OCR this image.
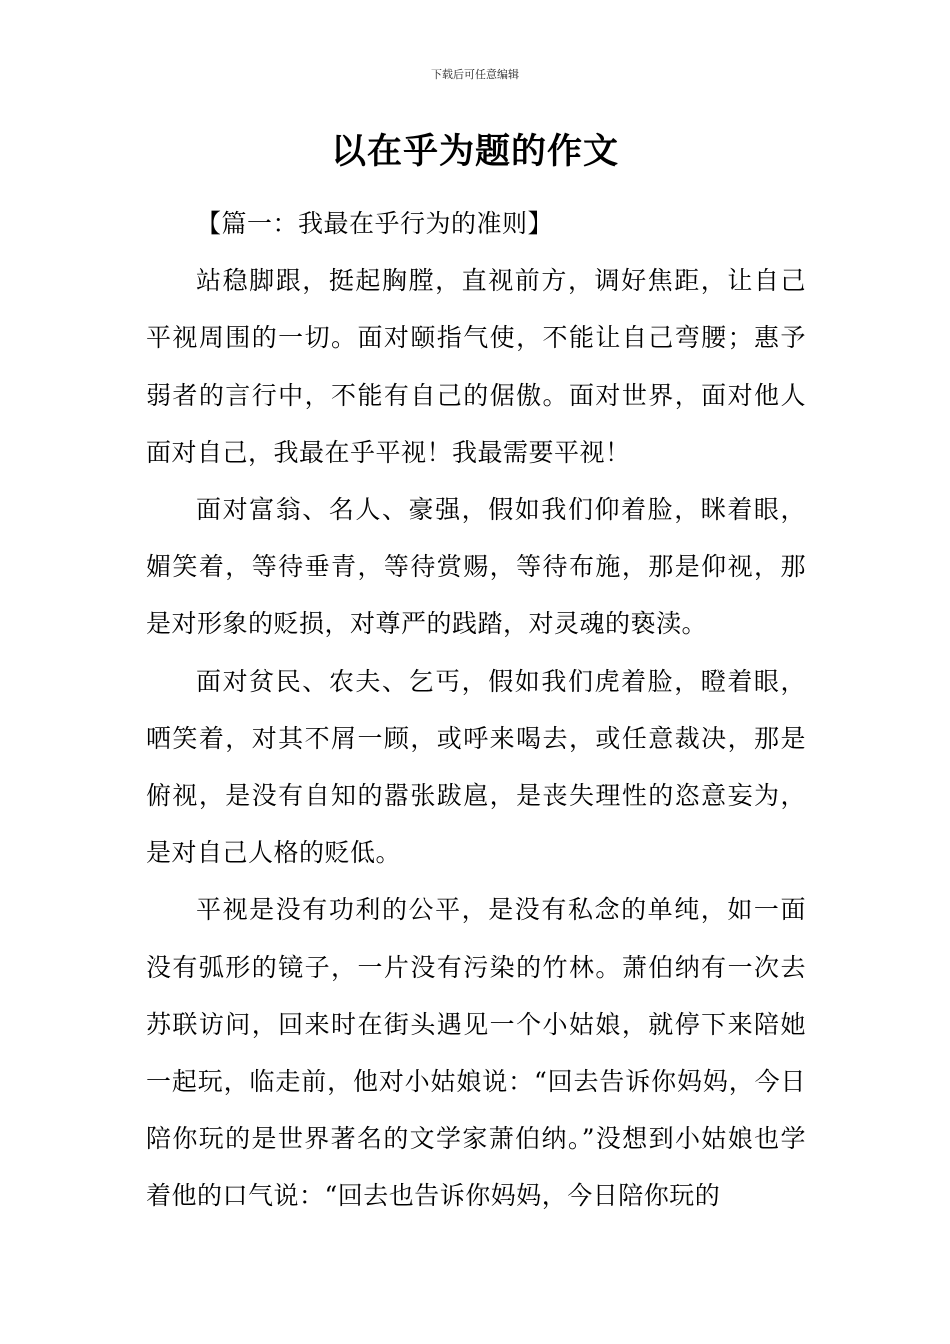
下载后可任意编辑
以在乎为题的作文

【篇一：我最在乎行为的准则】

站稳脚跟，挺起胸膛，直视前方，调好焦距，让自己平视周围的一切。面对颐指气使，不能让自己弯腰；惠予弱者的言行中，不能有自己的倨傲。面对世界，面对他人面对自己，我最在乎平视！我最需要平视！

面对富翁、名人、豪强，假如我们仰着脸，眯着眼，媚笑着，等待垂青，等待赏赐，等待布施，那是仰视，那是对形象的贬损，对尊严的践踏，对灵魂的亵渎。

面对贫民、农夫、乞丐，假如我们虎着脸，瞪着眼，哂笑着，对其不屑一顾，或呼来喝去，或任意裁决，那是俯视，是没有自知的嚣张跋扈，是丧失理性的恣意妄为，是对自己人格的贬低。

平视是没有功利的公平，是没有私念的单纯，如一面没有弧形的镜子，一片没有污染的竹林。萧伯纳有一次去苏联访问，回来时在街头遇见一个小姑娘，就停下来陪她一起玩，临走前，他对小姑娘说：“回去告诉你妈妈，今日陪你玩的是世界著名的文学家萧伯纳。”没想到小姑娘也学着他的口气说：“回去也告诉你妈妈，今日陪你玩的
